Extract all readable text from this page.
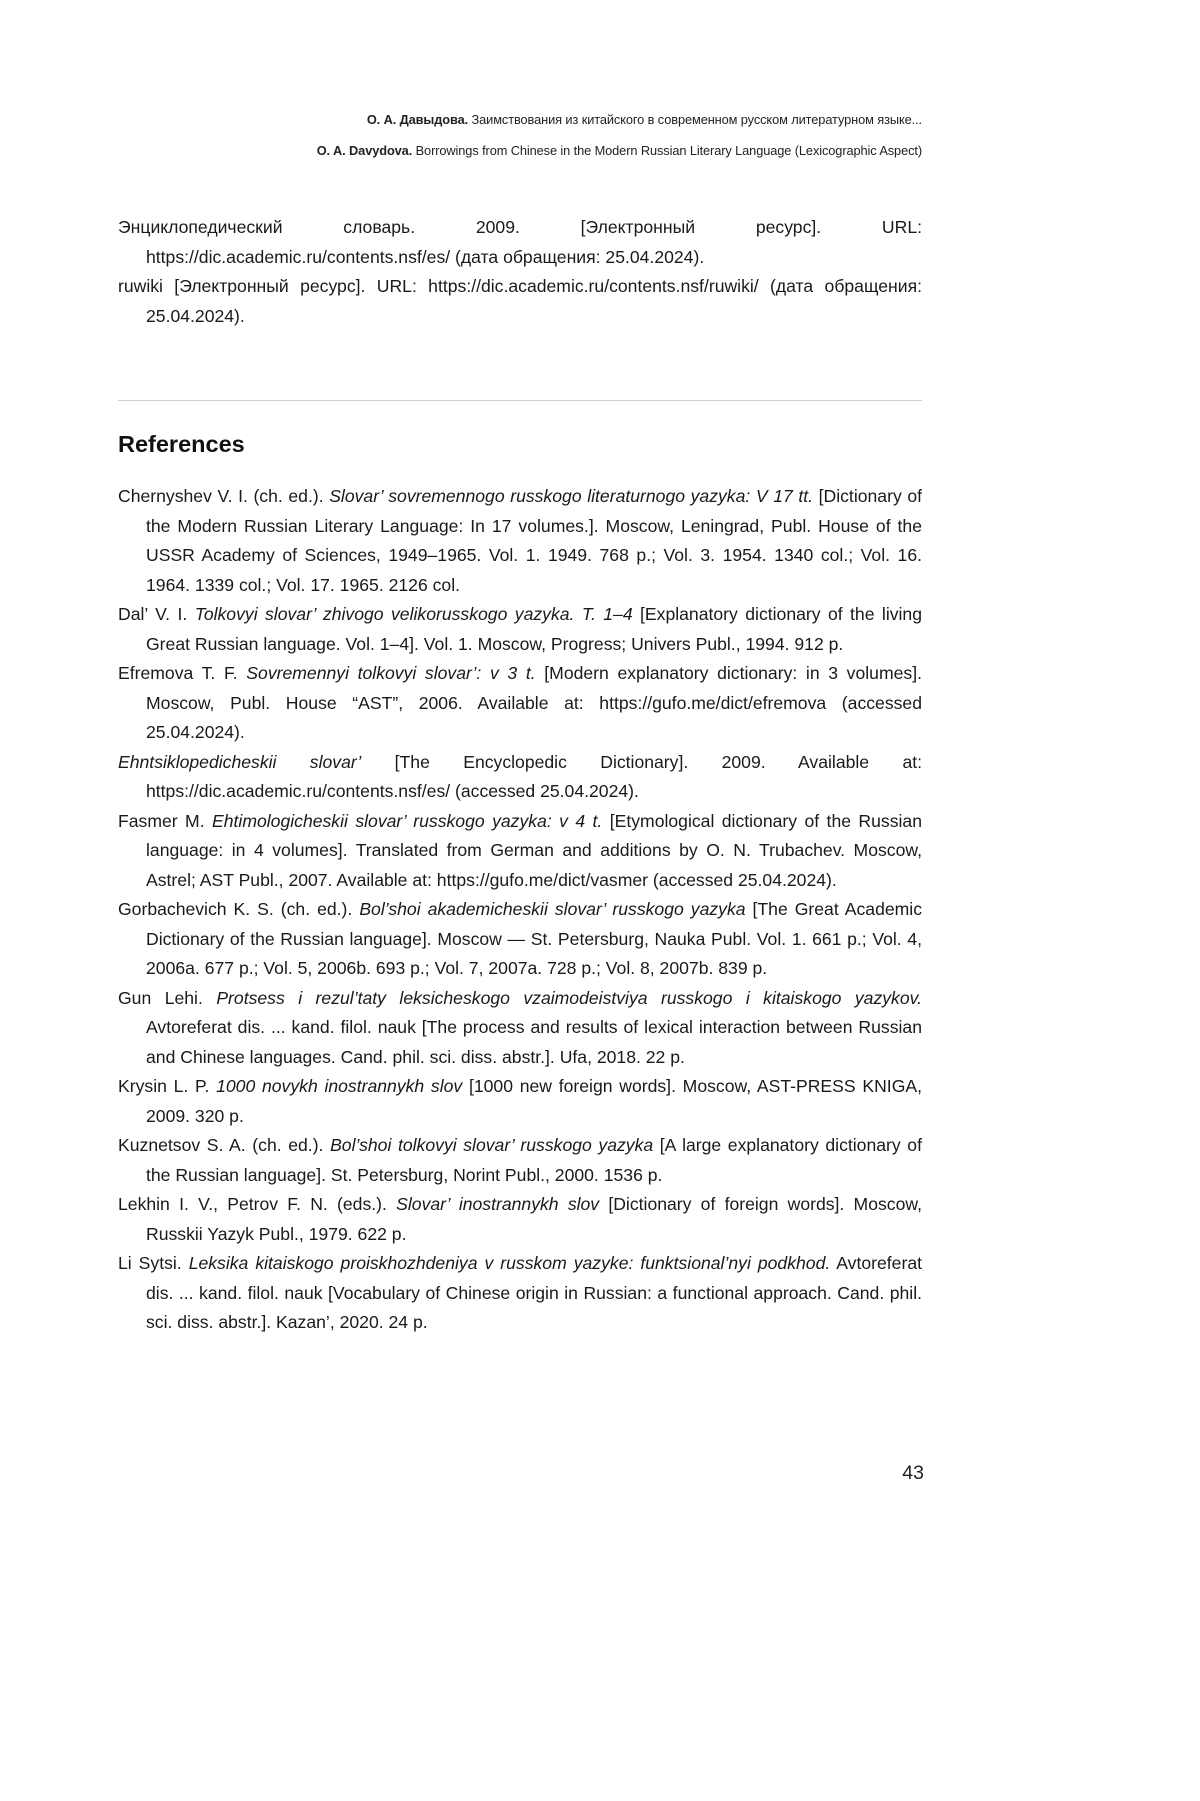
О. А. Давыдова. Заимствования из китайского в современном русском литературном языке...
O. A. Davydova. Borrowings from Chinese in the Modern Russian Literary Language (Lexicographic Aspect)

Энциклопедический словарь. 2009. [Электронный ресурс]. URL: https://dic.academic.ru/contents.nsf/es/ (дата обращения: 25.04.2024).

ruwiki [Электронный ресурс]. URL: https://dic.academic.ru/contents.nsf/ruwiki/ (дата обращения: 25.04.2024).

References

Chernyshev V. I. (ch. ed.). Slovar’ sovremennogo russkogo literaturnogo yazyka: V 17 tt. [Dictionary of the Modern Russian Literary Language: In 17 volumes.]. Moscow, Leningrad, Publ. House of the USSR Academy of Sciences, 1949–1965. Vol. 1. 1949. 768 p.; Vol. 3. 1954. 1340 col.; Vol. 16. 1964. 1339 col.; Vol. 17. 1965. 2126 col.

Dal’ V. I. Tolkovyi slovar’ zhivogo velikorusskogo yazyka. T. 1–4 [Explanatory dictionary of the living Great Russian language. Vol. 1–4]. Vol. 1. Moscow, Progress; Univers Publ., 1994. 912 p.

Efremova T. F. Sovremennyi tolkovyi slovar’: v 3 t. [Modern explanatory dictionary: in 3 volumes]. Moscow, Publ. House “AST”, 2006. Available at: https://gufo.me/dict/efremova (accessed 25.04.2024).

Ehntsiklopedicheskii slovar’ [The Encyclopedic Dictionary]. 2009. Available at: https://dic.academic.ru/contents.nsf/es/ (accessed 25.04.2024).

Fasmer M. Ehtimologicheskii slovar’ russkogo yazyka: v 4 t. [Etymological dictionary of the Russian language: in 4 volumes]. Translated from German and additions by O. N. Trubachev. Moscow, Astrel; AST Publ., 2007. Available at: https://gufo.me/dict/vasmer (accessed 25.04.2024).

Gorbachevich K. S. (ch. ed.). Bol’shoi akademicheskii slovar’ russkogo yazyka [The Great Academic Dictionary of the Russian language]. Moscow — St. Petersburg, Nauka Publ. Vol. 1. 661 p.; Vol. 4, 2006a. 677 p.; Vol. 5, 2006b. 693 p.; Vol. 7, 2007a. 728 p.; Vol. 8, 2007b. 839 p.

Gun Lehi. Protsess i rezul’taty leksicheskogo vzaimodeistviya russkogo i kitaiskogo yazykov. Avtoreferat dis. ... kand. filol. nauk [The process and results of lexical interaction between Russian and Chinese languages. Cand. phil. sci. diss. abstr.]. Ufa, 2018. 22 p.

Krysin L. P. 1000 novykh inostrannykh slov [1000 new foreign words]. Moscow, AST-PRESS KNIGA, 2009. 320 p.

Kuznetsov S. A. (ch. ed.). Bol’shoi tolkovyi slovar’ russkogo yazyka [A large explanatory dictionary of the Russian language]. St. Petersburg, Norint Publ., 2000. 1536 p.

Lekhin I. V., Petrov F. N. (eds.). Slovar’ inostrannykh slov [Dictionary of foreign words]. Moscow, Russkii Yazyk Publ., 1979. 622 p.

Li Sytsi. Leksika kitaiskogo proiskhozhdeniya v russkom yazyke: funktsional’nyi podkhod. Avtoreferat dis. ... kand. filol. nauk [Vocabulary of Chinese origin in Russian: a functional approach. Cand. phil. sci. diss. abstr.]. Kazan’, 2020. 24 p.

43
